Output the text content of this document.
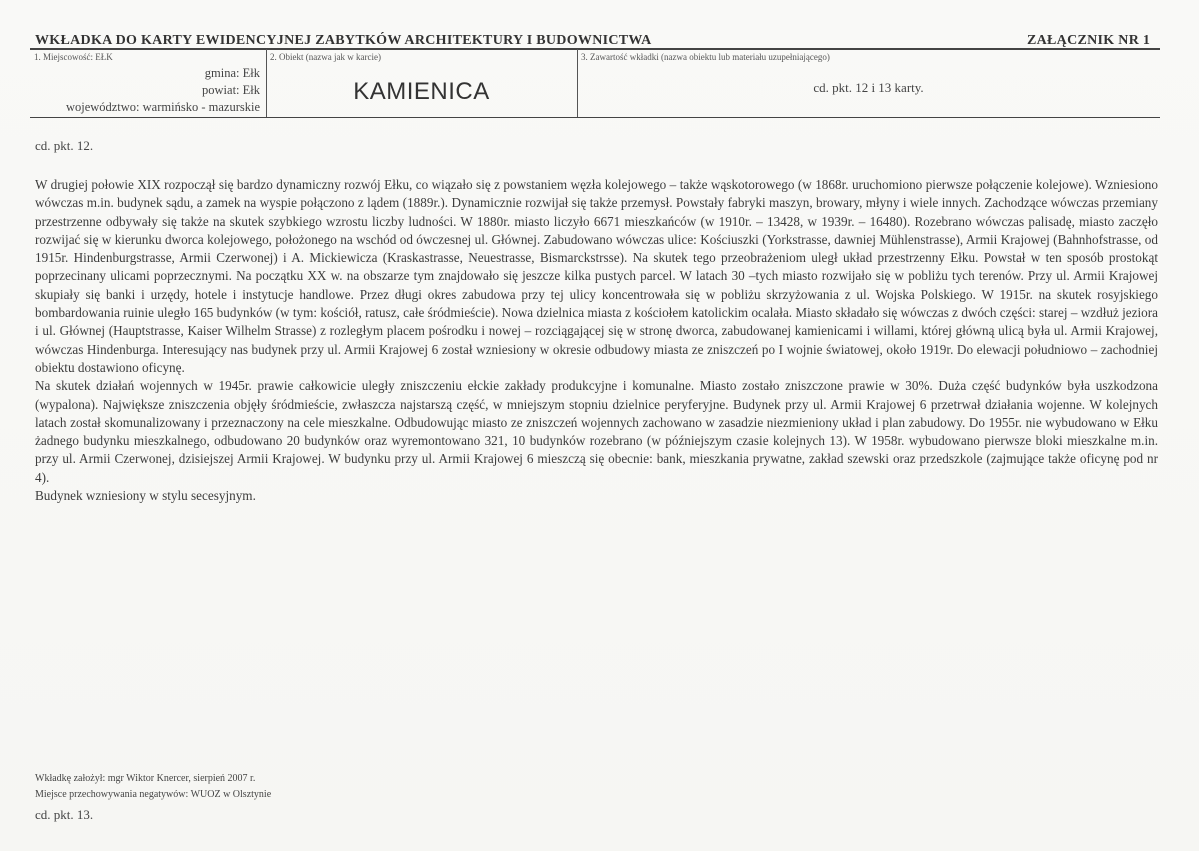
WKŁADKA DO KARTY EWIDENCYJNEJ ZABYTKÓW ARCHITEKTURY I BUDOWNICTWA	ZAŁĄCZNIK NR 1
1. Miejscowość: EŁK
gmina: Ełk
powiat: Ełk
województwo: warmińsko - mazurskie
2. Obiekt (nazwa jak w karcie)
KAMIENICA
3. Zawartość wkładki (nazwa obiektu lub materiału uzupełniającego)
cd. pkt. 12 i 13 karty.
cd. pkt. 12.

W drugiej połowie XIX rozpoczął się bardzo dynamiczny rozwój Ełku, co wiązało się z powstaniem węzła kolejowego – także wąskotorowego (w 1868r. uruchomiono pierwsze połączenie kolejowe). Wzniesiono wówczas m.in. budynek sądu, a zamek na wyspie połączono z lądem (1889r.). Dynamicznie rozwijał się także przemysł. Powstały fabryki maszyn, browary, młyny i wiele innych. Zachodzące wówczas przemiany przestrzenne odbywały się także na skutek szybkiego wzrostu liczby ludności. W 1880r. miasto liczyło 6671 mieszkańców (w 1910r. – 13428, w 1939r. – 16480). Rozebrano wówczas palisadę, miasto zaczęło rozwijać się w kierunku dworca kolejowego, położonego na wschód od ówczesnej ul. Głównej. Zabudowano wówczas ulice: Kościuszki (Yorkstrasse, dawniej Mühlenstrasse), Armii Krajowej (Bahnhofstrasse, od 1915r. Hindenburgstrasse, Armii Czerwonej) i A. Mickiewicza (Kraskastrasse, Neuestrasse, Bismarckstrsse). Na skutek tego przeobrażeniom uległ układ przestrzenny Ełku. Powstał w ten sposób prostokąt poprzecinany ulicami poprzecznymi. Na początku XX w. na obszarze tym znajdowało się jeszcze kilka pustych parcel. W latach 30 –tych miasto rozwijało się w pobliżu tych terenów. Przy ul. Armii Krajowej skupiały się banki i urzędy, hotele i instytucje handlowe. Przez długi okres zabudowa przy tej ulicy koncentrowała się w pobliżu skrzyżowania z ul. Wojska Polskiego. W 1915r. na skutek rosyjskiego bombardowania ruinie uległo 165 budynków (w tym: kościół, ratusz, całe śródmieście). Nowa dzielnica miasta z kościołem katolickim ocalała. Miasto składało się wówczas z dwóch części: starej – wzdłuż jeziora i ul. Głównej (Hauptstrasse, Kaiser Wilhelm Strasse) z rozległym placem pośrodku i nowej – rozciągającej się w stronę dworca, zabudowanej kamienicami i willami, której główną ulicą była ul. Armii Krajowej, wówczas Hindenburga. Interesujący nas budynek przy ul. Armii Krajowej 6 został wzniesiony w okresie odbudowy miasta ze zniszczeń po I wojnie światowej, około 1919r. Do elewacji południowo – zachodniej obiektu dostawiono oficynę.

Na skutek działań wojennych w 1945r. prawie całkowicie uległy zniszczeniu ełckie zakłady produkcyjne i komunalne. Miasto zostało zniszczone prawie w 30%. Duża część budynków była uszkodzona (wypalona). Największe zniszczenia objęły śródmieście, zwłaszcza najstarszą część, w mniejszym stopniu dzielnice peryferyjne. Budynek przy ul. Armii Krajowej 6 przetrwał działania wojenne. W kolejnych latach został skomunalizowany i przeznaczony na cele mieszkalne. Odbudowując miasto ze zniszczeń wojennych zachowano w zasadzie niezmieniony układ i plan zabudowy. Do 1955r. nie wybudowano w Ełku żadnego budynku mieszkalnego, odbudowano 20 budynków oraz wyremontowano 321, 10 budynków rozebrano (w późniejszym czasie kolejnych 13). W 1958r. wybudowano pierwsze bloki mieszkalne m.in. przy ul. Armii Czerwonej, dzisiejszej Armii Krajowej. W budynku przy ul. Armii Krajowej 6 mieszczą się obecnie: bank, mieszkania prywatne, zakład szewski oraz przedszkole (zajmujące także oficynę pod nr 4).

Budynek wzniesiony w stylu secesyjnym.

Wkładkę założył: mgr Wiktor Knercer, sierpień 2007 r.
Miejsce przechowywania negatywów: WUOZ w Olsztynie
cd. pkt. 13.
